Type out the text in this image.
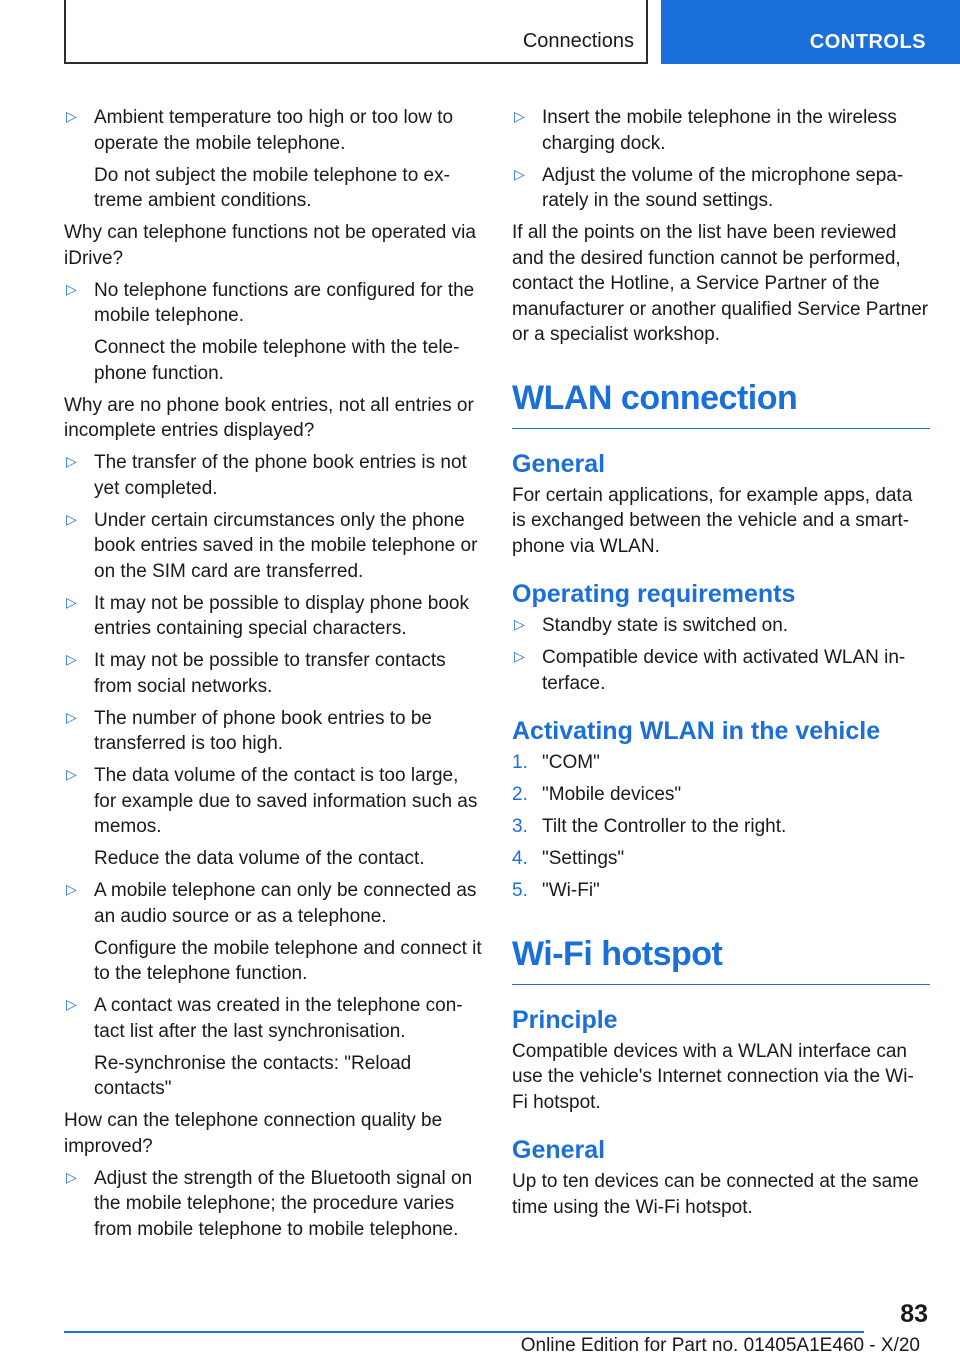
Connections	CONTROLS
▷ Ambient temperature too high or too low to operate the mobile telephone.
Do not subject the mobile telephone to ex- treme ambient conditions.
Why can telephone functions not be operated via iDrive?
▷ No telephone functions are configured for the mobile telephone.
Connect the mobile telephone with the tele- phone function.
Why are no phone book entries, not all entries or incomplete entries displayed?
▷ The transfer of the phone book entries is not yet completed.
▷ Under certain circumstances only the phone book entries saved in the mobile telephone or on the SIM card are transferred.
▷ It may not be possible to display phone book entries containing special characters.
▷ It may not be possible to transfer contacts from social networks.
▷ The number of phone book entries to be transferred is too high.
▷ The data volume of the contact is too large, for example due to saved information such as memos.
Reduce the data volume of the contact.
▷ A mobile telephone can only be connected as an audio source or as a telephone.
Configure the mobile telephone and connect it to the telephone function.
▷ A contact was created in the telephone con- tact list after the last synchronisation.
Re-synchronise the contacts: "Reload contacts"
How can the telephone connection quality be improved?
▷ Adjust the strength of the Bluetooth signal on the mobile telephone; the procedure varies from mobile telephone to mobile telephone.
▷ Insert the mobile telephone in the wireless charging dock.
▷ Adjust the volume of the microphone sepa- rately in the sound settings.
If all the points on the list have been reviewed and the desired function cannot be performed, contact the Hotline, a Service Partner of the manufacturer or another qualified Service Partner or a specialist workshop.
WLAN connection
General
For certain applications, for example apps, data is exchanged between the vehicle and a smart- phone via WLAN.
Operating requirements
▷ Standby state is switched on.
▷ Compatible device with activated WLAN in- terface.
Activating WLAN in the vehicle
1. "COM"
2. "Mobile devices"
3. Tilt the Controller to the right.
4. "Settings"
5. "Wi-Fi"
Wi-Fi hotspot
Principle
Compatible devices with a WLAN interface can use the vehicle's Internet connection via the Wi- Fi hotspot.
General
Up to ten devices can be connected at the same time using the Wi-Fi hotspot.
83
Online Edition for Part no. 01405A1E460 - X/20
